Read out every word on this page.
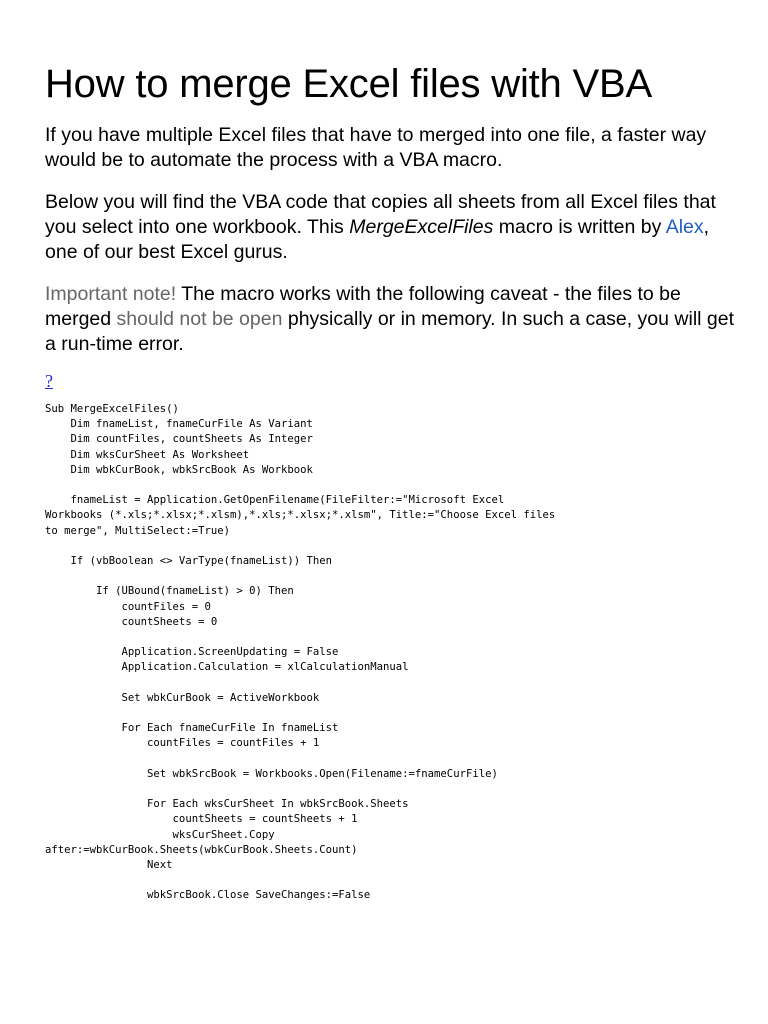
How to merge Excel files with VBA

If you have multiple Excel files that have to merged into one file, a faster way would be to automate the process with a VBA macro.

Below you will find the VBA code that copies all sheets from all Excel files that you select into one workbook. This MergeExcelFiles macro is written by Alex, one of our best Excel gurus.

Important note! The macro works with the following caveat - the files to be merged should not be open physically or in memory. In such a case, you will get a run-time error.

?
Sub MergeExcelFiles()
Dim fnameList, fnameCurFile As Variant
Dim countFiles, countSheets As Integer
Dim wksCurSheet As Worksheet
Dim wbkCurBook, wbkSrcBook As Workbook
fnameList = Application.GetOpenFilename(FileFilter:="Microsoft Excel
Workbooks (*.xls;*.xlsx;*.xlsm),*.xls;*.xlsx;*.xlsm", Title:="Choose Excel files
to merge", MultiSelect:=True)
If (vbBoolean <> VarType(fnameList)) Then
If (UBound(fnameList) > 0) Then
countFiles = 0
countSheets = 0
Application.ScreenUpdating = False
Application.Calculation = xlCalculationManual
Set wbkCurBook = ActiveWorkbook
For Each fnameCurFile In fnameList
countFiles = countFiles + 1
Set wbkSrcBook = Workbooks.Open(Filename:=fnameCurFile)
For Each wksCurSheet In wbkSrcBook.Sheets
countSheets = countSheets + 1
wksCurSheet.Copy
after:=wbkCurBook.Sheets(wbkCurBook.Sheets.Count)
Next
wbkSrcBook.Close SaveChanges:=False
